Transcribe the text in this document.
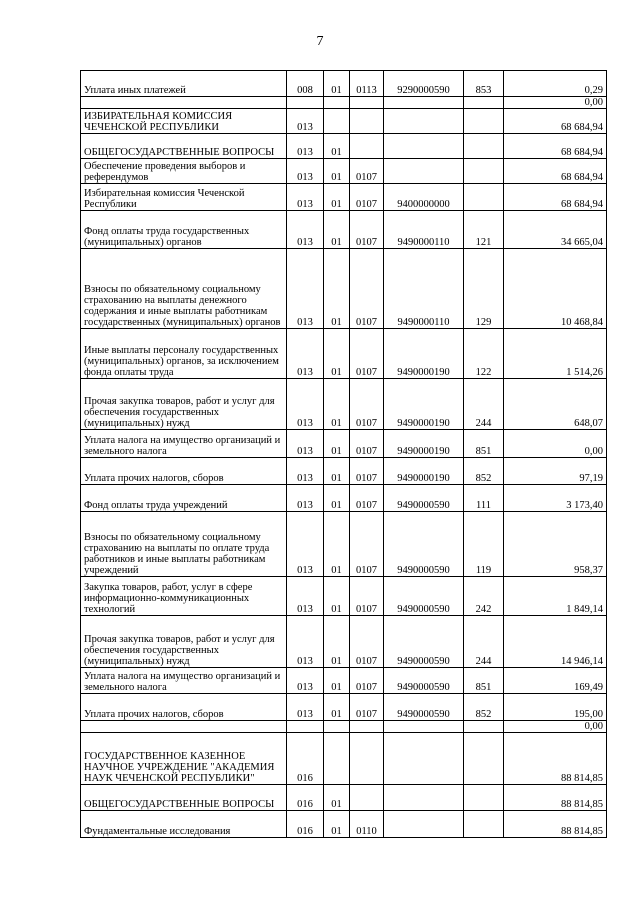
7
Уплата иных платежей	008	01	0113	9290000590	853	0,29
						0,00
ИЗБИРАТЕЛЬНАЯ КОМИССИЯ ЧЕЧЕНСКОЙ РЕСПУБЛИКИ	013					68 684,94
ОБЩЕГОСУДАРСТВЕННЫЕ ВОПРОСЫ	013	01				68 684,94
Обеспечение проведения выборов и референдумов	013	01	0107			68 684,94
Избирательная комиссия Чеченской Республики	013	01	0107	9400000000		68 684,94
Фонд оплаты труда государственных (муниципальных) органов	013	01	0107	9490000110	121	34 665,04
Взносы по обязательному социальному страхованию на выплаты денежного содержания и иные выплаты работникам государственных (муниципальных) органов	013	01	0107	9490000110	129	10 468,84
Иные выплаты персоналу государственных (муниципальных) органов, за исключением фонда оплаты труда	013	01	0107	9490000190	122	1 514,26
Прочая закупка товаров, работ и услуг для обеспечения государственных (муниципальных) нужд	013	01	0107	9490000190	244	648,07
Уплата налога на имущество организаций и земельного налога	013	01	0107	9490000190	851	0,00
Уплата прочих налогов, сборов	013	01	0107	9490000190	852	97,19
Фонд оплаты труда учреждений	013	01	0107	9490000590	111	3 173,40
Взносы по обязательному социальному страхованию на выплаты по оплате труда работников и иные выплаты работникам учреждений	013	01	0107	9490000590	119	958,37
Закупка товаров, работ, услуг в сфере информационно-коммуникационных технологий	013	01	0107	9490000590	242	1 849,14
Прочая закупка товаров, работ и услуг для обеспечения государственных (муниципальных) нужд	013	01	0107	9490000590	244	14 946,14
Уплата налога на имущество организаций и земельного налога	013	01	0107	9490000590	851	169,49
Уплата прочих налогов, сборов	013	01	0107	9490000590	852	195,00
						0,00
ГОСУДАРСТВЕННОЕ КАЗЕННОЕ НАУЧНОЕ УЧРЕЖДЕНИЕ "АКАДЕМИЯ НАУК ЧЕЧЕНСКОЙ РЕСПУБЛИКИ"	016					88 814,85
ОБЩЕГОСУДАРСТВЕННЫЕ ВОПРОСЫ	016	01				88 814,85
Фундаментальные исследования	016	01	0110			88 814,85
